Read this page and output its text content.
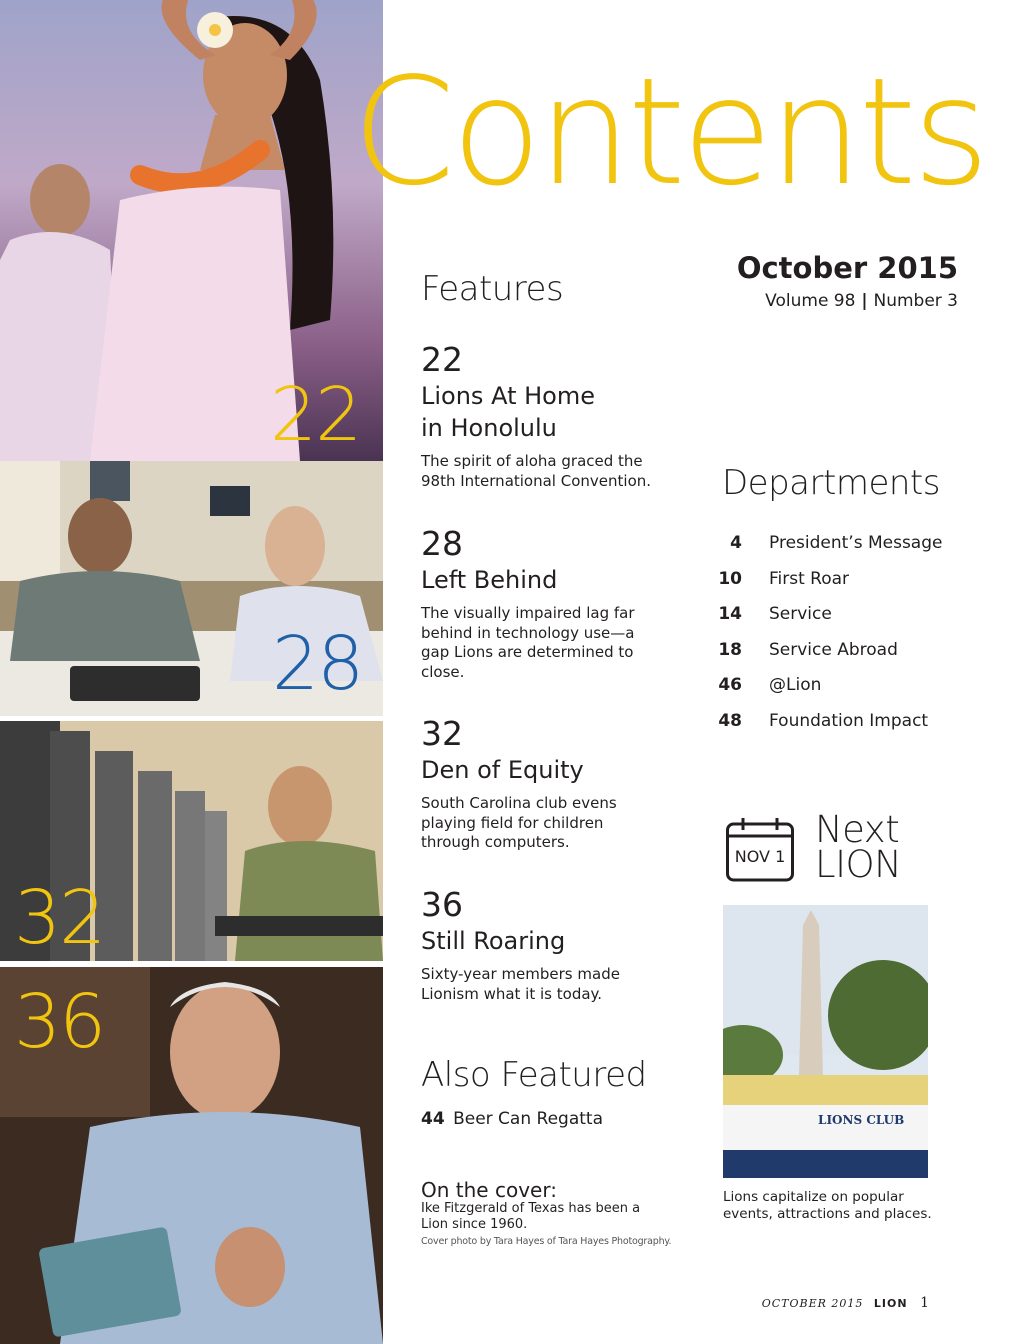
22
28
32
36
Contents
October 2015
Volume 98 | Number 3
Features
22
Lions At Home
in Honolulu
The spirit of aloha graced the
98th International Convention.
28
Left Behind
The visually impaired lag far
behind in technology use—a
gap Lions are determined to
close.
32
Den of Equity
South Carolina club evens
playing field for children
through computers.
36
Still Roaring
Sixty-year members made
Lionism what it is today.
Also Featured
44 Beer Can Regatta
On the cover:
Ike Fitzgerald of Texas has been a
Lion since 1960.
Cover photo by Tara Hayes of Tara Hayes Photography.
Departments
4 President’s Message
10 First Roar
14 Service
18 Service Abroad
46 @Lion
48 Foundation Impact
NOV 1
Next
LION
LIONS CLUB
Lions capitalize on popular
events, attractions and places.
OCTOBER 2015 LION 1
